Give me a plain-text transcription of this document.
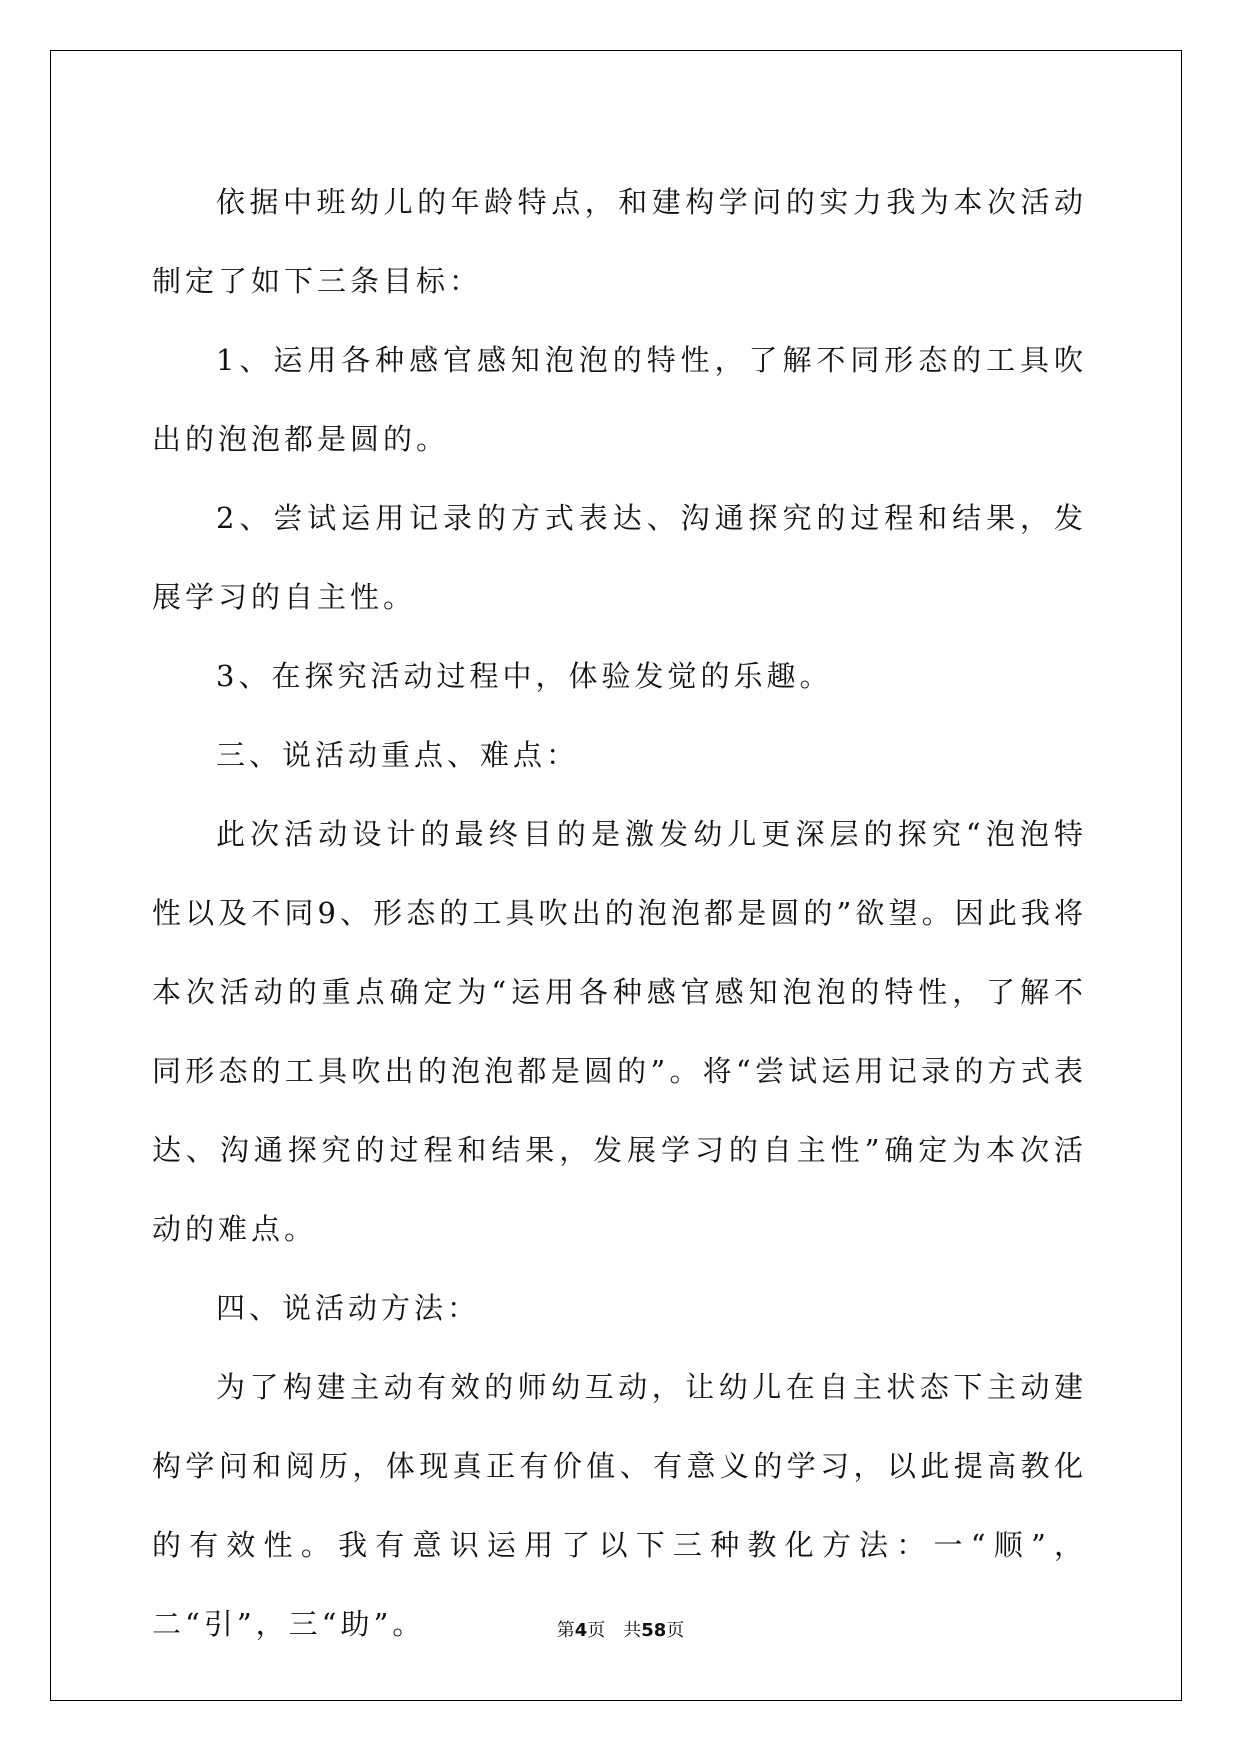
依据中班幼儿的年龄特点，和建构学问的实力我为本次活动制定了如下三条目标：

1、运用各种感官感知泡泡的特性，了解不同形态的工具吹出的泡泡都是圆的。

2、尝试运用记录的方式表达、沟通探究的过程和结果，发展学习的自主性。

3、在探究活动过程中，体验发觉的乐趣。

三、说活动重点、难点：

此次活动设计的最终目的是激发幼儿更深层的探究“泡泡特性以及不同9、形态的工具吹出的泡泡都是圆的”欲望。因此我将本次活动的重点确定为“运用各种感官感知泡泡的特性，了解不同形态的工具吹出的泡泡都是圆的”。将“尝试运用记录的方式表达、沟通探究的过程和结果，发展学习的自主性”确定为本次活动的难点。

四、说活动方法：

为了构建主动有效的师幼互动，让幼儿在自主状态下主动建构学问和阅历，体现真正有价值、有意义的学习，以此提高教化的有效性。我有意识运用了以下三种教化方法：一“顺”，二“引”，三“助”。	第4页　共58页
